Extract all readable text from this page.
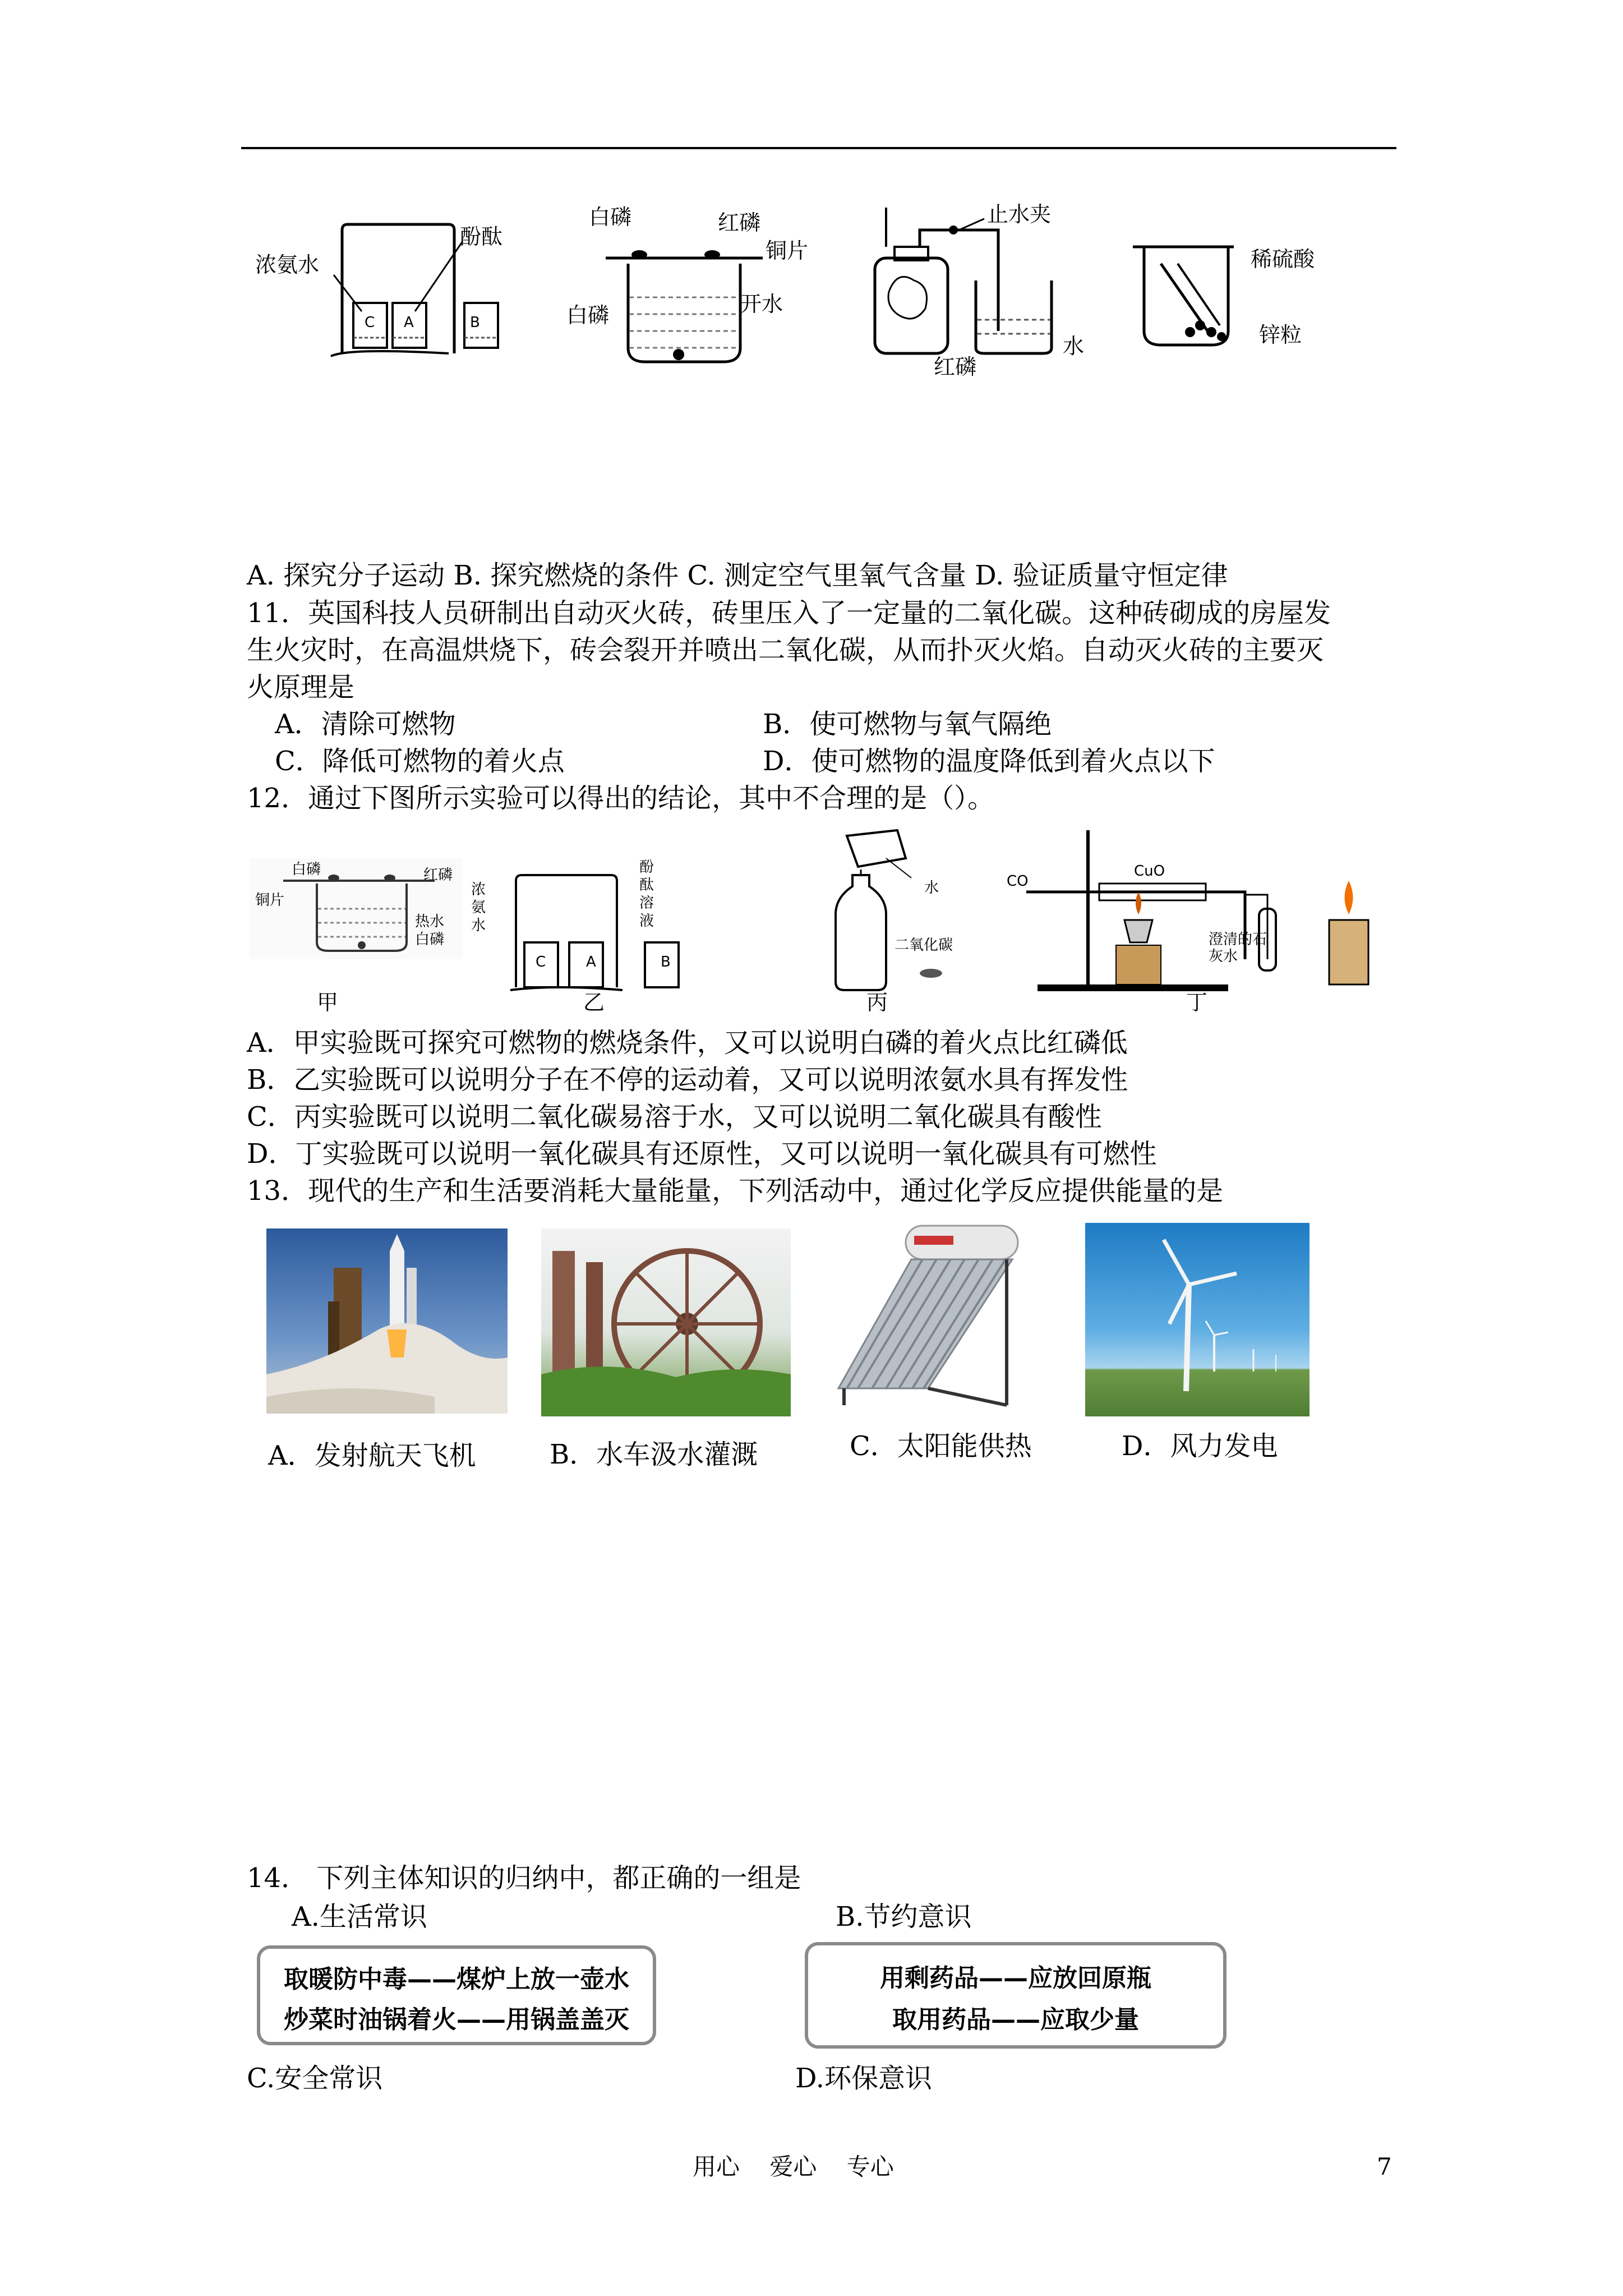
浓氨水
酚酞
C A	B
白磷	红磷
铜片
白磷	开水
止水夹
水
红磷
稀硫酸
锌粒
A. 探究分子运动 B. 探究燃烧的条件 C. 测定空气里氧气含量 D. 验证质量守恒定律
11．英国科技人员研制出自动灭火砖，砖里压入了一定量的二氧化碳。这种砖砌成的房屋发
生火灾时，在高温烘烧下，砖会裂开并喷出二氧化碳，从而扑灭火焰。自动灭火砖的主要灭
火原理是
A．清除可燃物	B．使可燃物与氧气隔绝
C．降低可燃物的着火点	D．使可燃物的温度降低到着火点以下
12．通过下图所示实验可以得出的结论，其中不合理的是（）。
白磷
铜片
红磷
热水
白磷
甲
浓氨水
酚酞溶液
C	A	B
乙
水
二氧化碳
丙
CO
CuO
澄清的石灰水
丁
A．甲实验既可探究可燃物的燃烧条件，又可以说明白磷的着火点比红磷低
B．乙实验既可以说明分子在不停的运动着，又可以说明浓氨水具有挥发性
C．丙实验既可以说明二氧化碳易溶于水，又可以说明二氧化碳具有酸性
D．丁实验既可以说明一氧化碳具有还原性，又可以说明一氧化碳具有可燃性
13．现代的生产和生活要消耗大量能量，下列活动中，通过化学反应提供能量的是
A．发射航天飞机	B．水车汲水灌溉	C．太阳能供热	D．风力发电
14． 下列主体知识的归纳中，都正确的一组是
A.生活常识	B.节约意识
取暖防中毒——煤炉上放一壶水
炒菜时油锅着火——用锅盖盖灭
用剩药品——应放回原瓶
取用药品——应取少量
C.安全常识	D.环保意识
用心    爱心    专心	7
